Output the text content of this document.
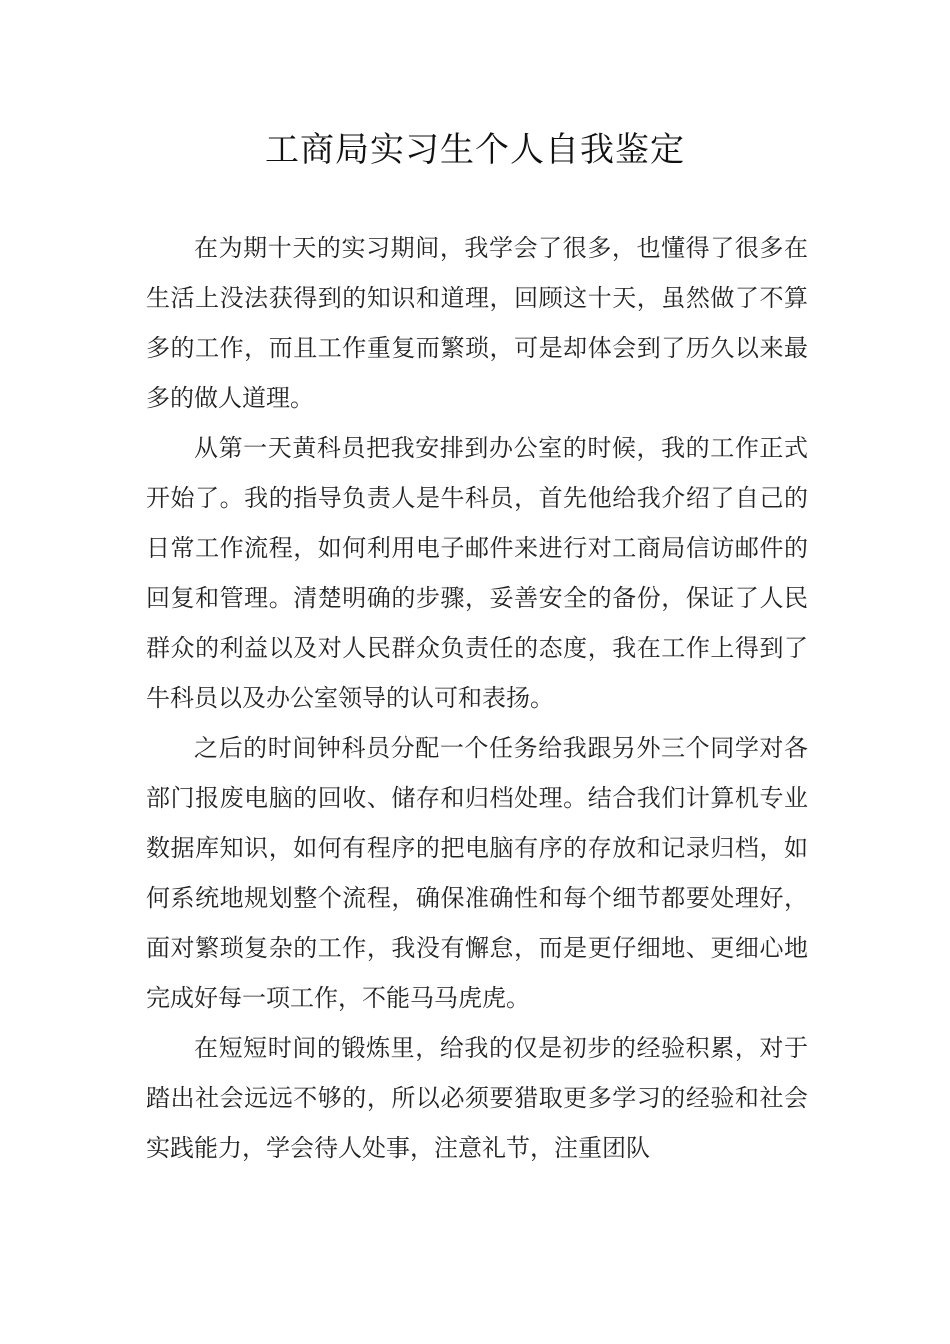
工商局实习生个人自我鉴定

在为期十天的实习期间，我学会了很多，也懂得了很多在生活上没法获得到的知识和道理，回顾这十天，虽然做了不算多的工作，而且工作重复而繁琐，可是却体会到了历久以来最多的做人道理。

从第一天黄科员把我安排到办公室的时候，我的工作正式开始了。我的指导负责人是牛科员，首先他给我介绍了自己的日常工作流程，如何利用电子邮件来进行对工商局信访邮件的回复和管理。清楚明确的步骤，妥善安全的备份，保证了人民群众的利益以及对人民群众负责任的态度，我在工作上得到了牛科员以及办公室领导的认可和表扬。

之后的时间钟科员分配一个任务给我跟另外三个同学对各部门报废电脑的回收、储存和归档处理。结合我们计算机专业数据库知识，如何有程序的把电脑有序的存放和记录归档，如何系统地规划整个流程，确保准确性和每个细节都要处理好，面对繁琐复杂的工作，我没有懈怠，而是更仔细地、更细心地完成好每一项工作，不能马马虎虎。

在短短时间的锻炼里，给我的仅是初步的经验积累，对于踏出社会远远不够的，所以必须要猎取更多学习的经验和社会实践能力，学会待人处事，注意礼节，注重团队
